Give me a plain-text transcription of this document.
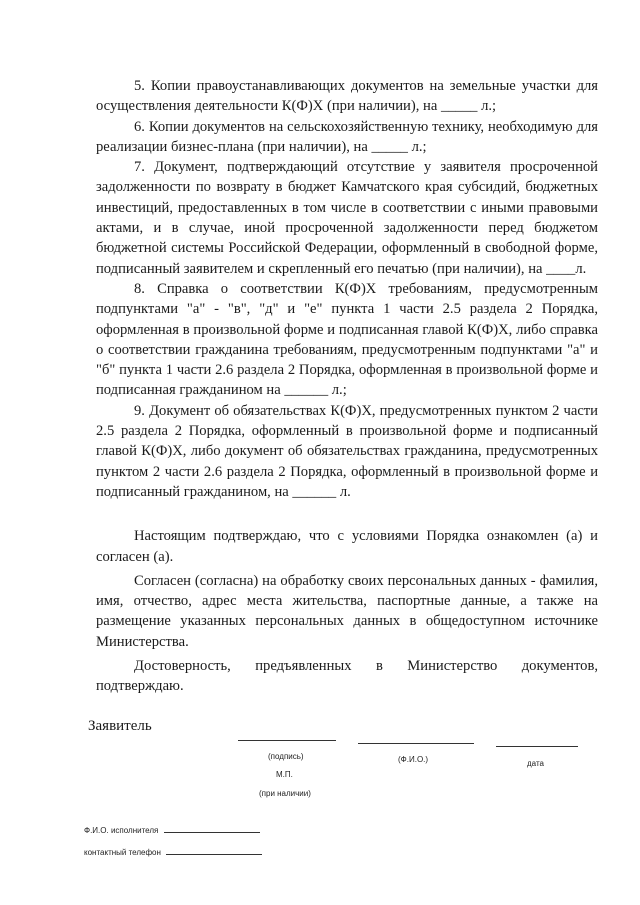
5. Копии правоустанавливающих документов на земельные участки для осуществления деятельности К(Ф)Х (при наличии), на _____ л.;

6. Копии документов на сельскохозяйственную технику, необходимую для реализации бизнес-плана (при наличии), на _____ л.;

7. Документ, подтверждающий отсутствие у заявителя просроченной задолженности по возврату в бюджет Камчатского края субсидий, бюджетных инвестиций, предоставленных в том числе в соответствии с иными правовыми актами, и в случае, иной просроченной задолженности перед бюджетом бюджетной системы Российской Федерации, оформленный в свободной форме, подписанный заявителем и скрепленный его печатью (при наличии), на ____л.

8. Справка о соответствии К(Ф)Х требованиям, предусмотренным подпунктами "а" - "в", "д" и "е" пункта 1 части 2.5 раздела 2 Порядка, оформленная в произвольной форме и подписанная главой К(Ф)Х, либо справка о соответствии гражданина требованиям, предусмотренным подпунктами "а" и "б" пункта 1 части 2.6 раздела 2 Порядка, оформленная в произвольной форме и подписанная гражданином на ______ л.;

9. Документ об обязательствах К(Ф)Х, предусмотренных пунктом 2 части 2.5 раздела 2 Порядка, оформленный в произвольной форме и подписанный главой К(Ф)Х, либо документ об обязательствах гражданина, предусмотренных пунктом 2 части 2.6 раздела 2 Порядка, оформленный в произвольной форме и подписанный гражданином, на ______ л.

Настоящим подтверждаю, что с условиями Порядка ознакомлен (а) и согласен (а).

Согласен (согласна) на обработку своих персональных данных - фамилия, имя, отчество, адрес места жительства, паспортные данные, а также на размещение указанных персональных данных в общедоступном источнике Министерства.

Достоверность, предъявленных в Министерство документов, подтверждаю.

Заявитель
(подпись)	(Ф.И.О.)	дата
М.П.
(при наличии)
Ф.И.О. исполнителя
контактный телефон
